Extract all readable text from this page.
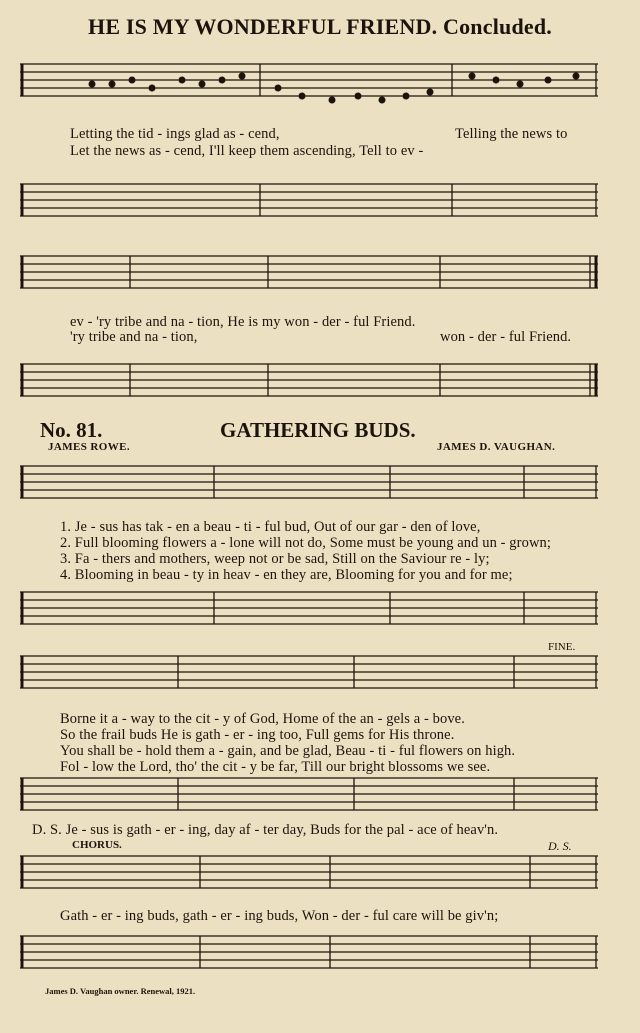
HE IS MY WONDERFUL FRIEND. Concluded.
Letting the tid - ings glad as - cend,	Telling the news to
Let the news as - cend, I'll keep them ascending, Tell to ev -
ev - 'ry tribe and na - tion, He is my won - der - ful Friend.
'ry tribe and na - tion,	won - der - ful Friend.
No. 81.	GATHERING BUDS.
JAMES ROWE.	JAMES D. VAUGHAN.
1. Je - sus has tak - en a beau - ti - ful bud, Out of our gar - den of love,
2. Full blooming flowers a - lone will not do, Some must be young and un - grown;
3. Fa - thers and mothers, weep not or be sad, Still on the Saviour re - ly;
4. Blooming in beau - ty in heav - en they are, Blooming for you and for me;
FINE.
Borne it a - way to the cit - y of God, Home of the an - gels a - bove.
So the frail buds He is gath - er - ing too, Full gems for His throne.
You shall be - hold them a - gain, and be glad, Beau - ti - ful flowers on high.
Fol - low the Lord, tho' the cit - y be far, Till our bright blossoms we see.
D. S. Je - sus is gath - er - ing, day af - ter day, Buds for the pal - ace of heav'n.
CHORUS.	D. S.
Gath - er - ing buds, gath - er - ing buds, Won - der - ful care will be giv'n;
James D. Vaughan owner. Renewal, 1921.
